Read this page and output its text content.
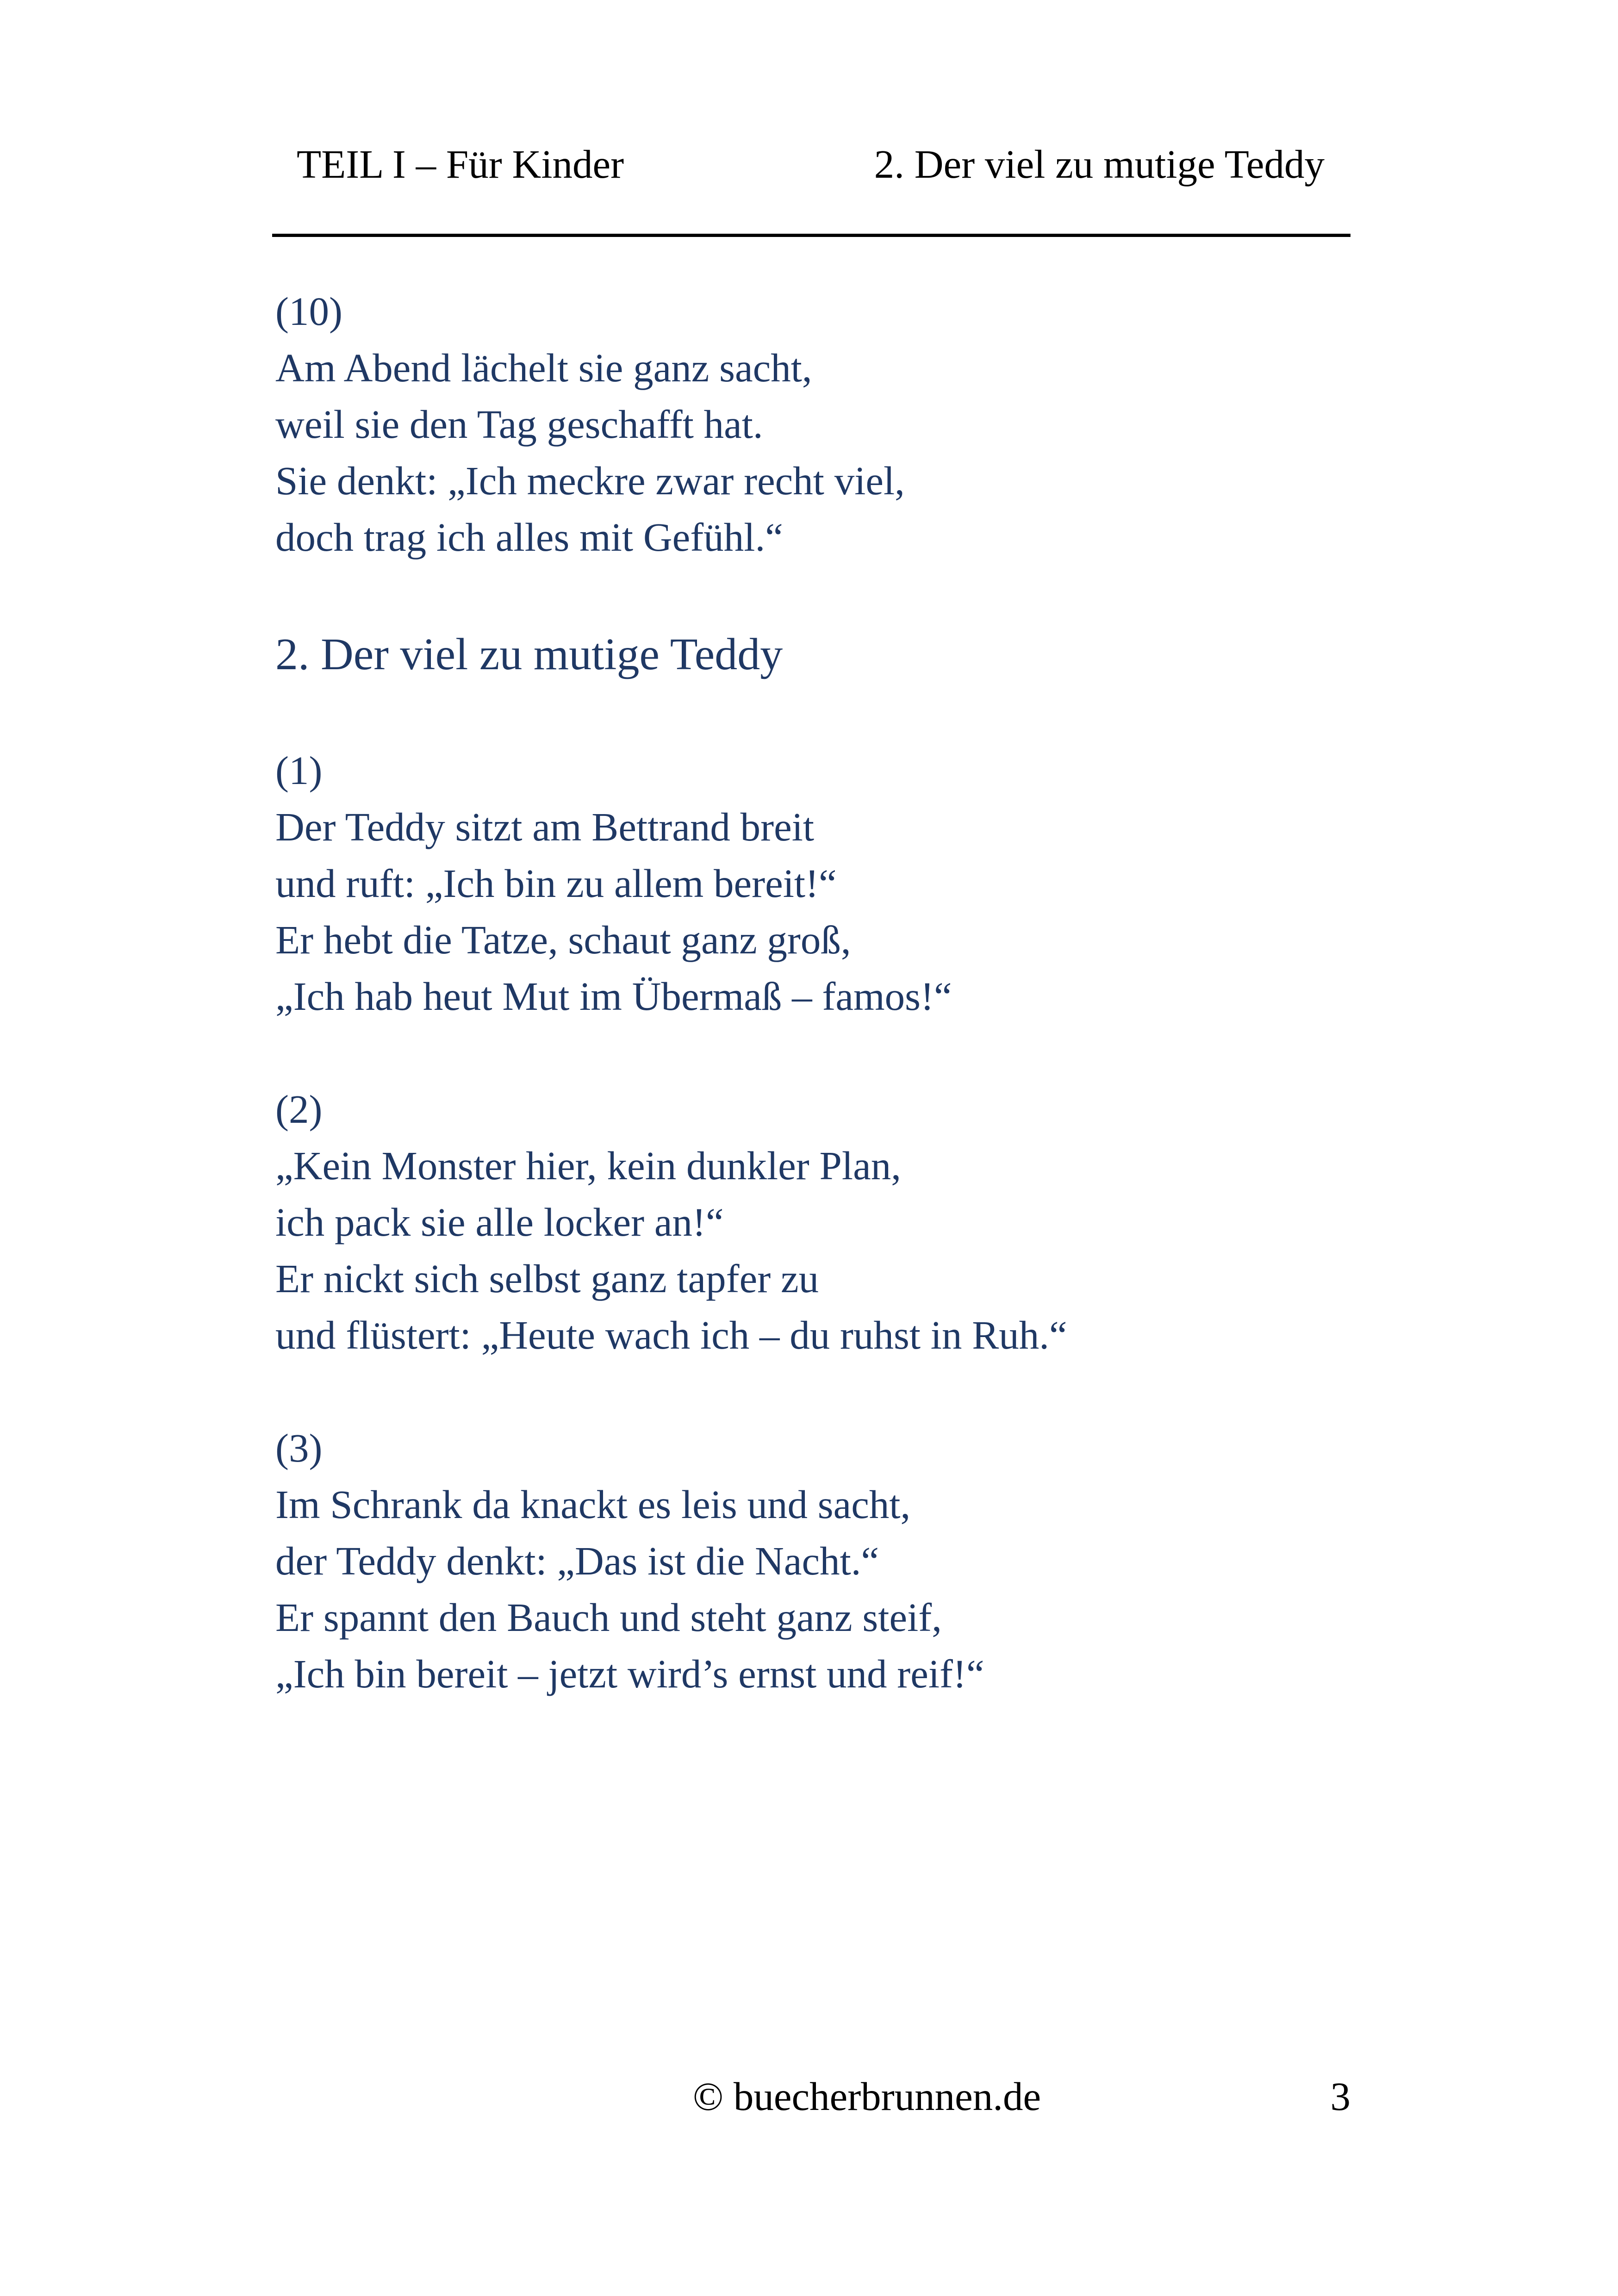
TEIL I – Für Kinder	2. Der viel zu mutige Teddy
(10)
Am Abend lächelt sie ganz sacht,
weil sie den Tag geschafft hat.
Sie denkt: „Ich meckre zwar recht viel,
doch trag ich alles mit Gefühl.“
2. Der viel zu mutige Teddy
(1)
Der Teddy sitzt am Bettrand breit
und ruft: „Ich bin zu allem bereit!“
Er hebt die Tatze, schaut ganz groß,
„Ich hab heut Mut im Übermaß – famos!“
(2)
„Kein Monster hier, kein dunkler Plan,
ich pack sie alle locker an!“
Er nickt sich selbst ganz tapfer zu
und flüstert: „Heute wach ich – du ruhst in Ruh.“
(3)
Im Schrank da knackt es leis und sacht,
der Teddy denkt: „Das ist die Nacht.“
Er spannt den Bauch und steht ganz steif,
„Ich bin bereit – jetzt wird’s ernst und reif!“
© buecherbrunnen.de	3
